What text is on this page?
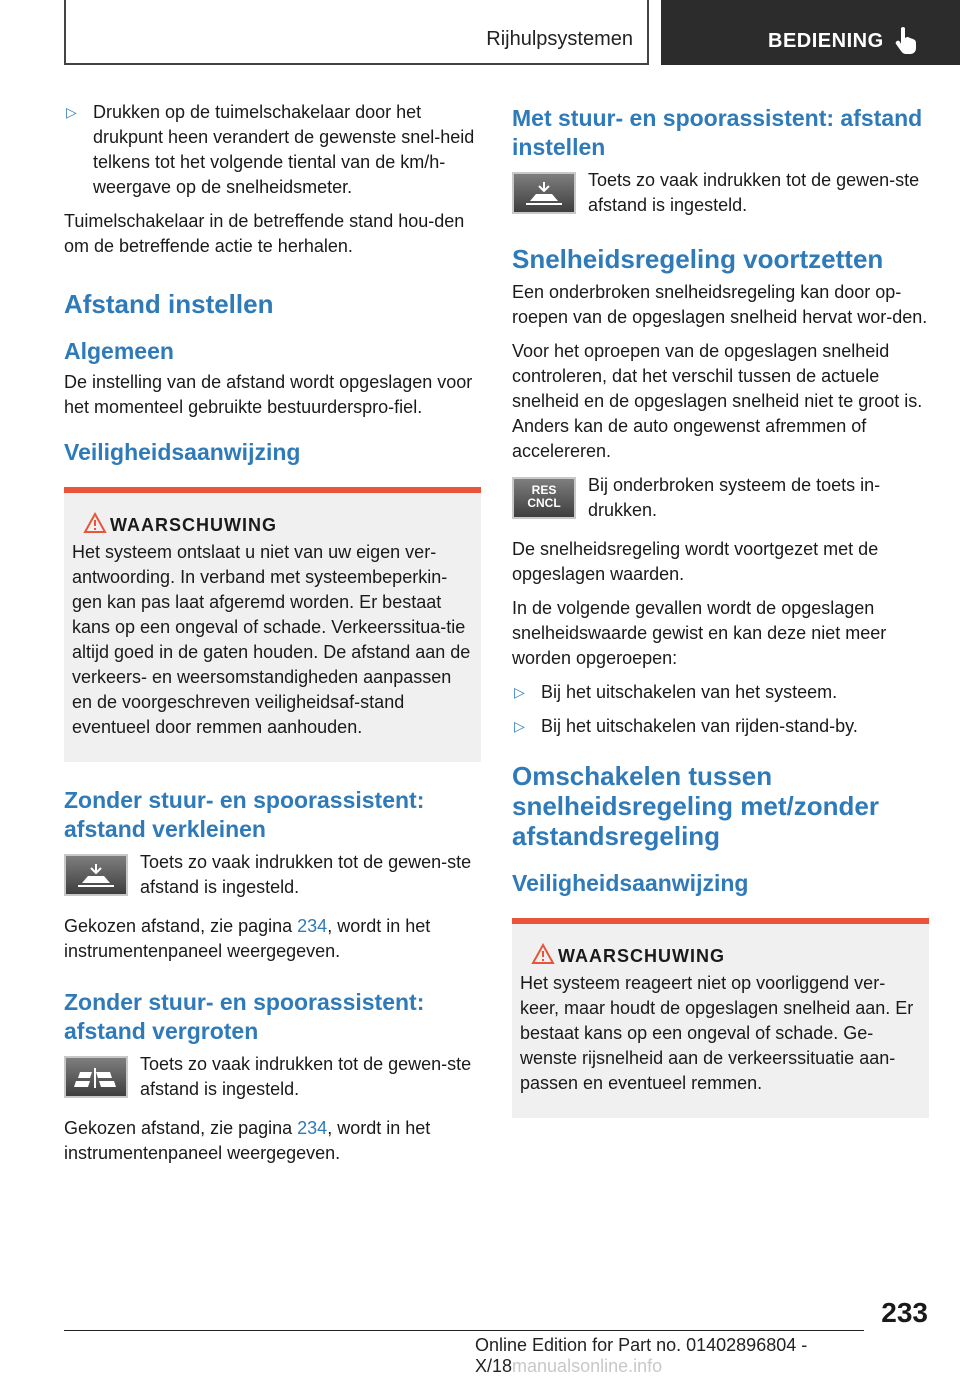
Rijhulpsystemen	BEDIENING
▷ Drukken op de tuimelschakelaar door het drukpunt heen verandert de gewenste snel-heid telkens tot het volgende tiental van de km/h-weergave op de snelheidsmeter.

Tuimelschakelaar in de betreffende stand hou-den om de betreffende actie te herhalen.

Afstand instellen
Algemeen

De instelling van de afstand wordt opgeslagen voor het momenteel gebruikte bestuurderspro-fiel.

Veiligheidsaanwijzing
WAARSCHUWING
Het systeem ontslaat u niet van uw eigen ver-antwoording. In verband met systeembeperkin-gen kan pas laat afgeremd worden. Er bestaat kans op een ongeval of schade. Verkeerssitua-tie altijd goed in de gaten houden. De afstand aan de verkeers- en weersomstandigheden aanpassen en de voorgeschreven veiligheidsaf-stand eventueel door remmen aanhouden.
Zonder stuur- en spoorassistent: afstand verkleinen
Toets zo vaak indrukken tot de gewen-ste afstand is ingesteld.

Gekozen afstand, zie pagina 234, wordt in het instrumentenpaneel weergegeven.

Zonder stuur- en spoorassistent: afstand vergroten
Toets zo vaak indrukken tot de gewen-ste afstand is ingesteld.

Gekozen afstand, zie pagina 234, wordt in het instrumentenpaneel weergegeven.

Met stuur- en spoorassistent: afstand instellen
Toets zo vaak indrukken tot de gewen-ste afstand is ingesteld.
Snelheidsregeling voortzetten

Een onderbroken snelheidsregeling kan door op-roepen van de opgeslagen snelheid hervat wor-den.

Voor het oproepen van de opgeslagen snelheid controleren, dat het verschil tussen de actuele snelheid en de opgeslagen snelheid niet te groot is. Anders kan de auto ongewenst afremmen of accelereren.

RES
CNCL
Bij onderbroken systeem de toets in-drukken.

De snelheidsregeling wordt voortgezet met de opgeslagen waarden.

In de volgende gevallen wordt de opgeslagen snelheidswaarde gewist en kan deze niet meer worden opgeroepen:

▷ Bij het uitschakelen van het systeem.
▷ Bij het uitschakelen van rijden-stand-by.
Omschakelen tussen snelheidsregeling met/zonder afstandsregeling
Veiligheidsaanwijzing
WAARSCHUWING
Het systeem reageert niet op voorliggend ver-keer, maar houdt de opgeslagen snelheid aan. Er bestaat kans op een ongeval of schade. Ge-wenste rijsnelheid aan de verkeerssituatie aan-passen en eventueel remmen.
233
Online Edition for Part no. 01402896804 - X/18manualsonline.info
